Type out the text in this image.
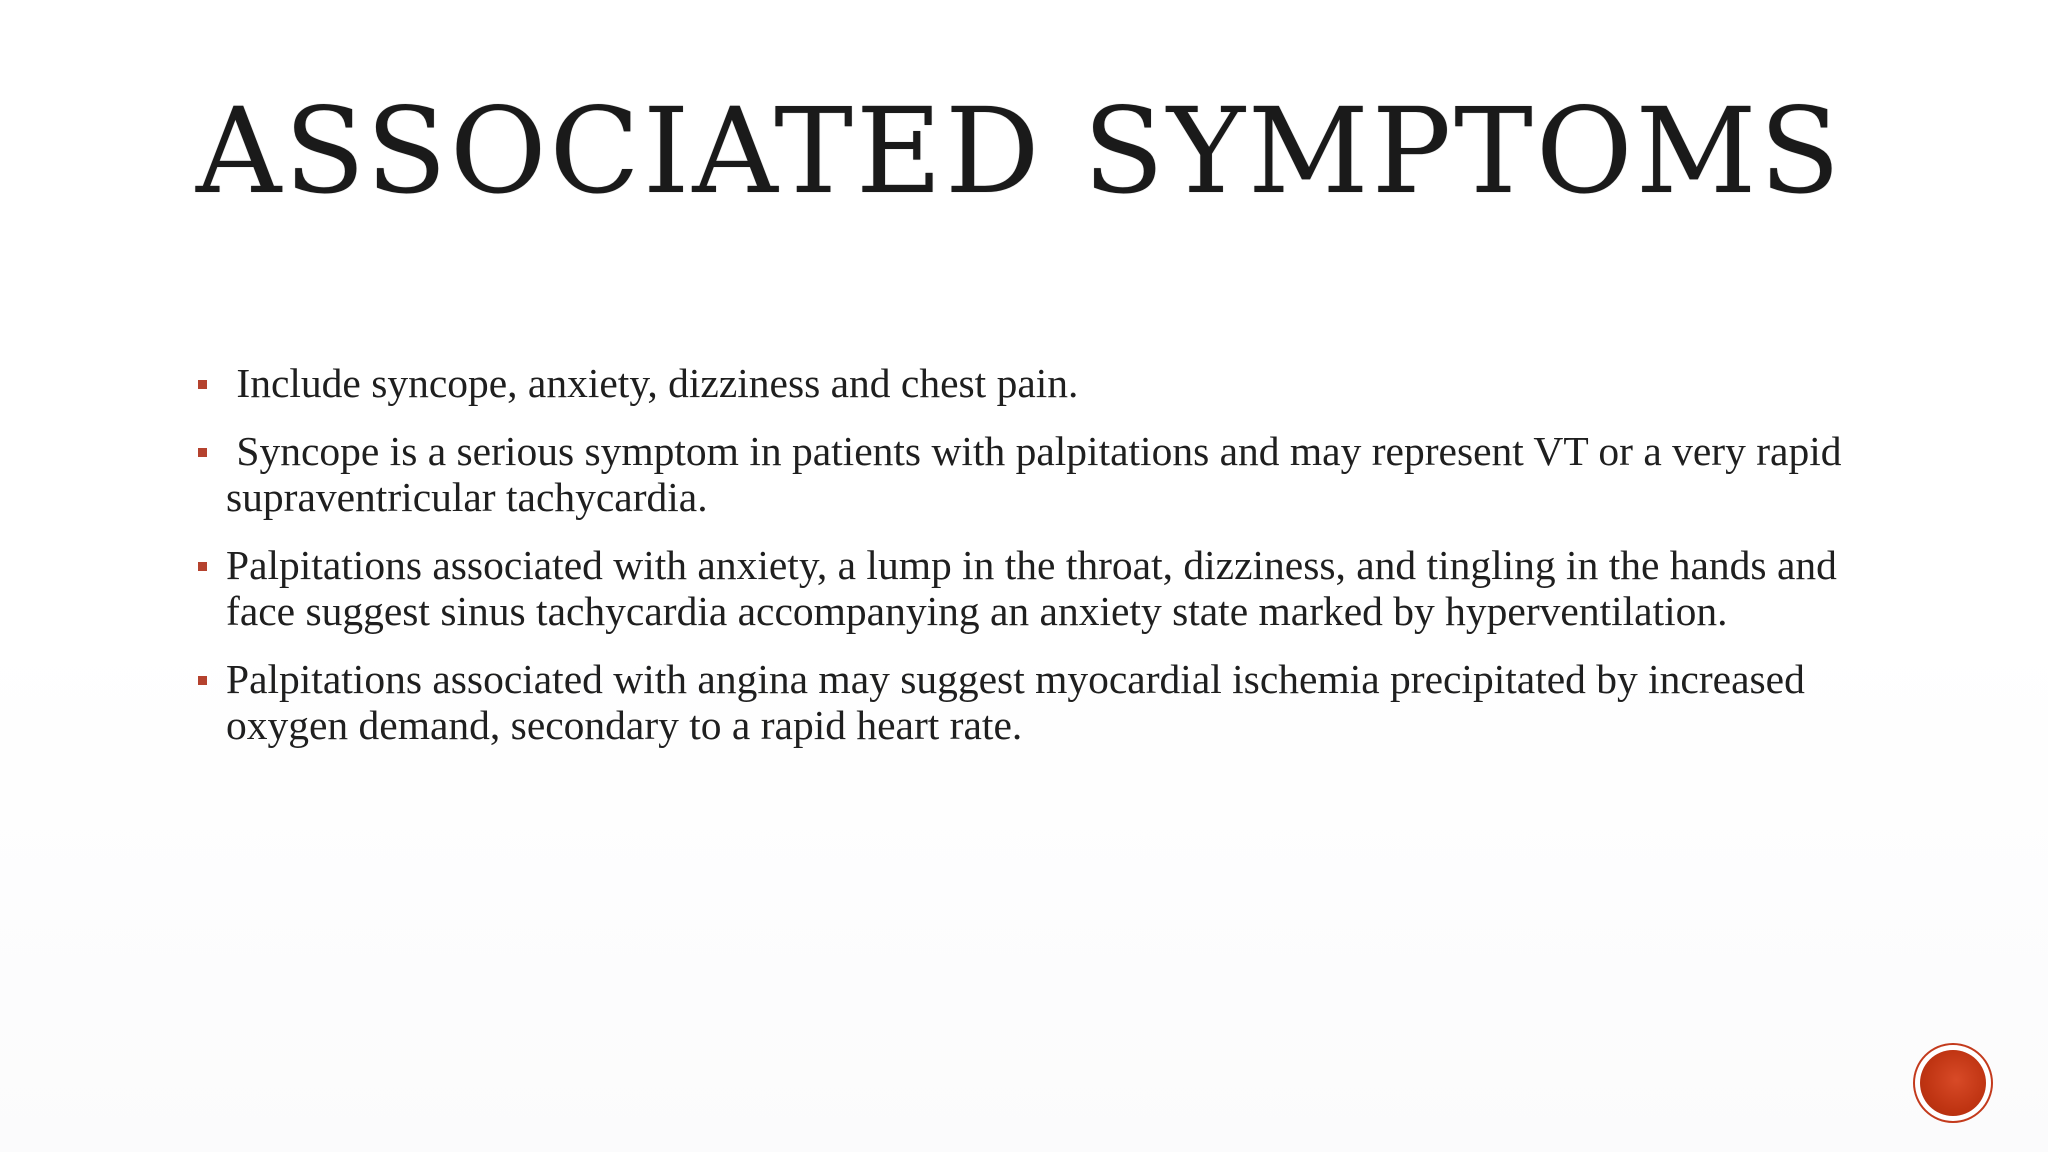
ASSOCIATED SYMPTOMS
Include syncope, anxiety, dizziness and chest pain.
Syncope is a serious symptom in patients with palpitations and may represent VT or a very rapid supraventricular tachycardia.
Palpitations associated with anxiety, a lump in the throat, dizziness, and tingling in the hands and face suggest sinus tachycardia accompanying an anxiety state marked by hyperventilation.
Palpitations associated with angina may suggest myocardial ischemia precipitated by increased oxygen demand, secondary to a rapid heart rate.
